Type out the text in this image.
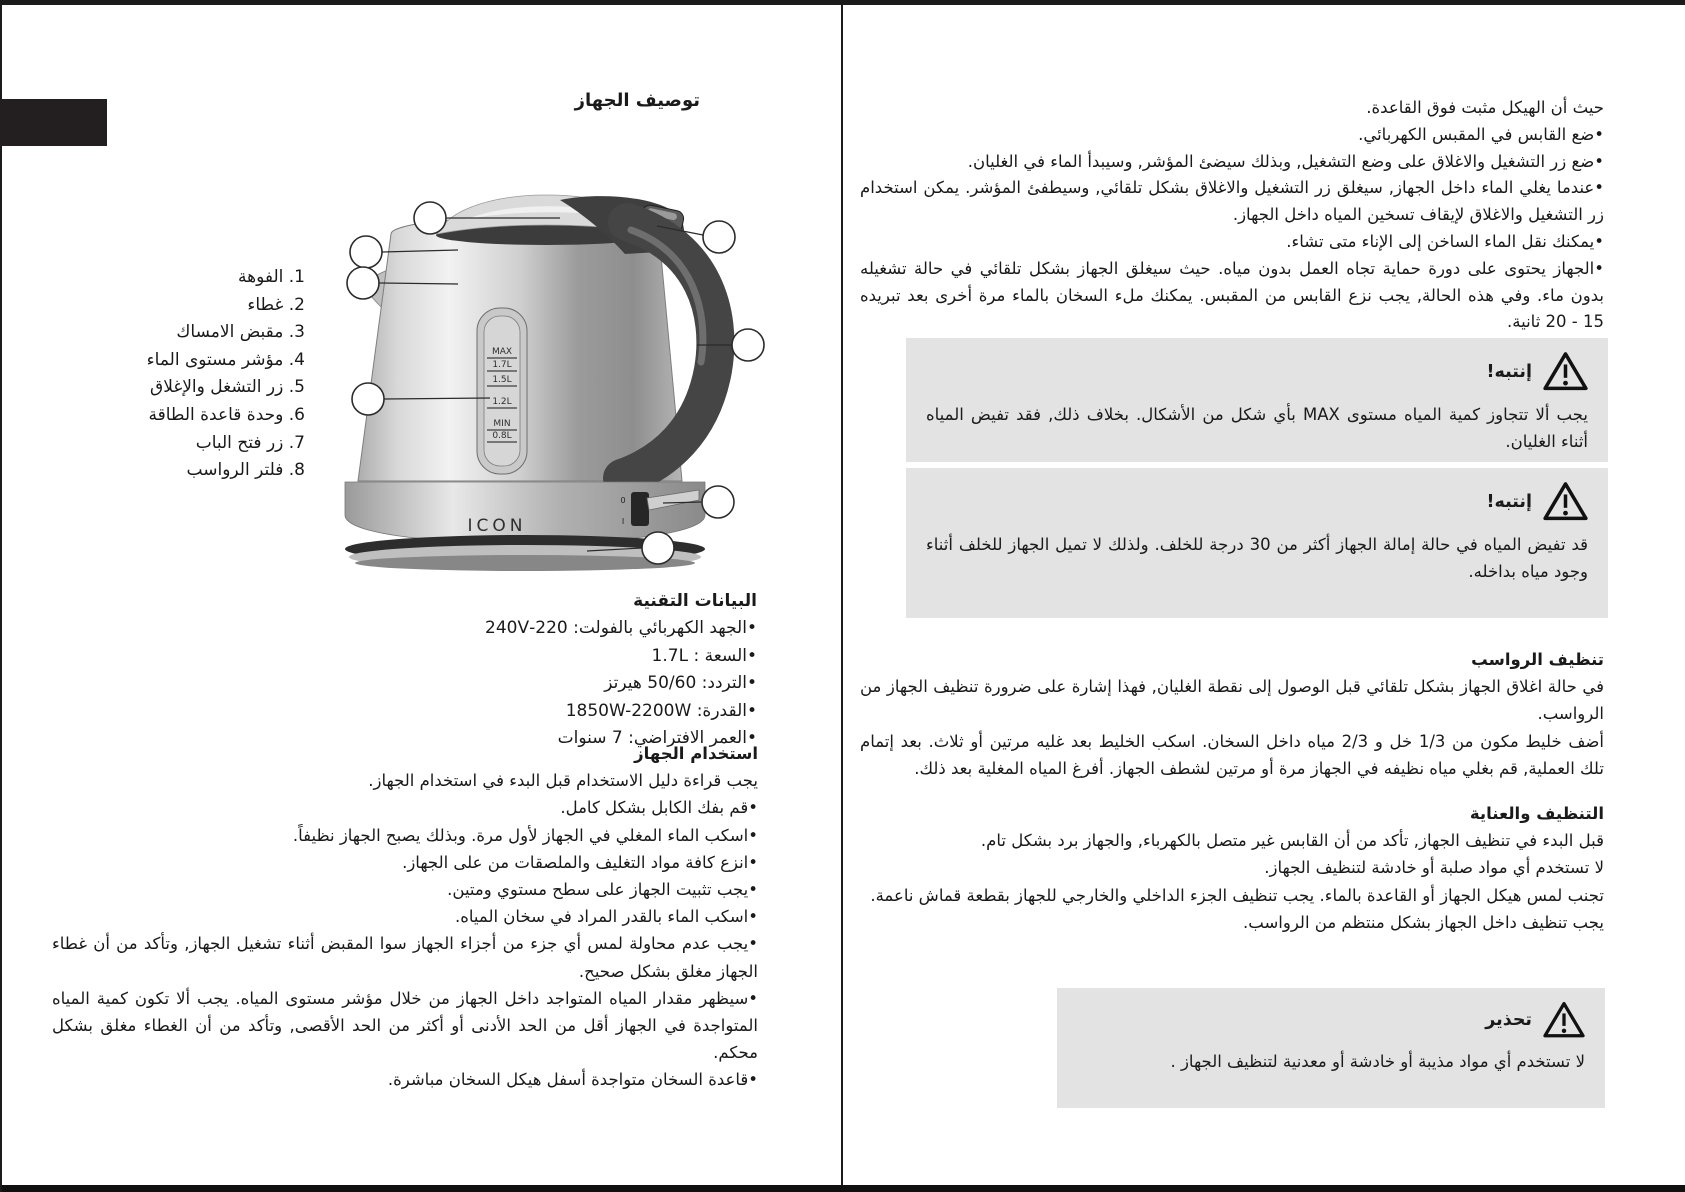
توصيف الجهاز
MAX
1.7L
1.5L
1.2L
MIN
0.8L
ICON
0
I
1. الفوهة
2. غطاء
3. مقبض الامساك
4. مؤشر مستوى الماء
5. زر التشغل والإغلاق
6. وحدة قاعدة الطاقة
7. زر فتح الباب
8. فلتر الرواسب
البيانات التقنية
•الجهد الكهربائي بالفولت: 220-240V
•السعة : 1.7L
•التردد: 50/60 هيرتز
•القدرة: 1850W-2200W
•العمر الافتراضي: 7 سنوات
استخدام الجهاز
يجب قراءة دليل الاستخدام قبل البدء في استخدام الجهاز.
•قم بفك الكابل بشكل كامل.
•اسكب الماء المغلي في الجهاز لأول مرة. وبذلك يصبح الجهاز نظيفاً.
•انزع كافة مواد التغليف والملصقات من على الجهاز.
•يجب تثبيت الجهاز على سطح مستوي ومتين.
•اسكب الماء بالقدر المراد في سخان المياه.
•يجب عدم محاولة لمس أي جزء من أجزاء الجهاز سوا المقبض أثناء تشغيل الجهاز, وتأكد من أن غطاء الجهاز مغلق بشكل صحيح.
•سيظهر مقدار المياه المتواجد داخل الجهاز من خلال مؤشر مستوى المياه. يجب ألا تكون كمية المياه المتواجدة في الجهاز أقل من الحد الأدنى أو أكثر من الحد الأقصى, وتأكد من أن الغطاء مغلق بشكل محكم.
•قاعدة السخان متواجدة أسفل هيكل السخان مباشرة.
حيث أن الهيكل مثبت فوق القاعدة.
•ضع القابس في المقبس الكهربائي.
•ضع زر التشغيل والاغلاق على وضع التشغيل, وبذلك سيضئ المؤشر, وسيبدأ الماء في الغليان.
•عندما يغلي الماء داخل الجهاز, سيغلق زر التشغيل والاغلاق بشكل تلقائي, وسيطفئ المؤشر. يمكن استخدام زر التشغيل والاغلاق لإيقاف تسخين المياه داخل الجهاز.
•يمكنك نقل الماء الساخن إلى الإناء متى تشاء.
•الجهاز يحتوى على دورة حماية تجاه العمل بدون مياه. حيث سيغلق الجهاز بشكل تلقائي في حالة تشغيله بدون ماء. وفي هذه الحالة, يجب نزع القابس من المقبس. يمكنك ملء السخان بالماء مرة أخرى بعد تبريده 15 - 20 ثانية.
إنتبه!
يجب ألا تتجاوز كمية المياه مستوى MAX بأي شكل من الأشكال. بخلاف ذلك, فقد تفيض المياه أثناء الغليان.
إنتبه!
قد تفيض المياه في حالة إمالة الجهاز أكثر من 30 درجة للخلف. ولذلك لا تميل الجهاز للخلف أثناء وجود مياه بداخله.
تنظيف الرواسب
في حالة اغلاق الجهاز بشكل تلقائي قبل الوصول إلى نقطة الغليان, فهذا إشارة على ضرورة تنظيف الجهاز من الرواسب.
أضف خليط مكون من 1/3 خل و 2/3 مياه داخل السخان. اسكب الخليط بعد غليه مرتين أو ثلاث. بعد إتمام تلك العملية, قم بغلي مياه نظيفه في الجهاز مرة أو مرتين لشطف الجهاز. أفرغ المياه المغلية بعد ذلك.
التنظيف والعناية
قبل البدء في تنظيف الجهاز, تأكد من أن القابس غير متصل بالكهرباء, والجهاز برد بشكل تام.
لا تستخدم أي مواد صلبة أو خادشة لتنظيف الجهاز.
تجنب لمس هيكل الجهاز أو القاعدة بالماء. يجب تنظيف الجزء الداخلي والخارجي للجهاز بقطعة قماش ناعمة.
يجب تنظيف داخل الجهاز بشكل منتظم من الرواسب.
تحذير
لا تستخدم أي مواد مذيبة أو خادشة أو معدنية لتنظيف الجهاز .
